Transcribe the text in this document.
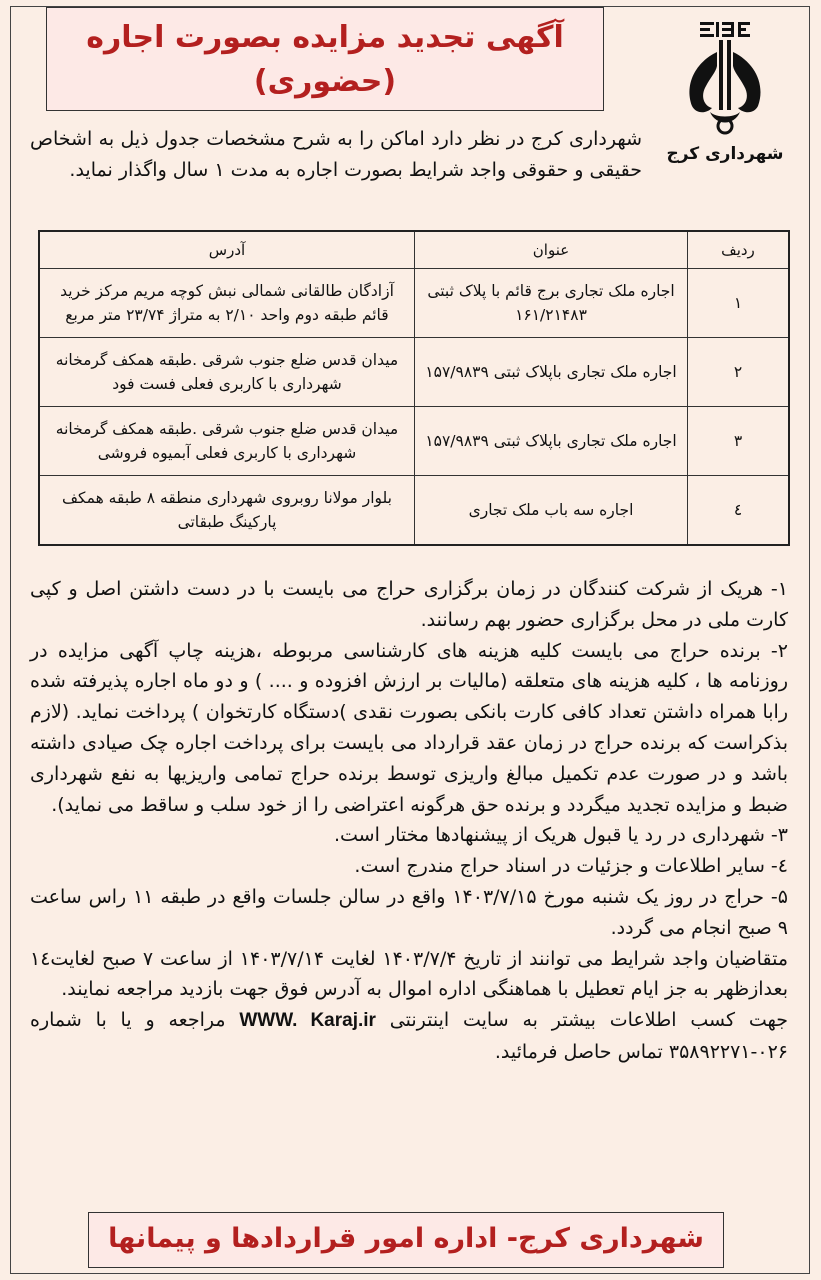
آگهی تجدید مزایده بصورت اجاره
(حضوری)
شهرداری کرج
شهرداری کرج در نظر دارد اماکن را به شرح مشخصات جدول ذیل به اشخاص حقیقی و حقوقی واجد شرایط بصورت اجاره به مدت ۱ سال واگذار نماید.
ردیف	عنوان	آدرس
۱	اجاره ملک تجاری برج قائم با پلاک ثبتی ۱۶۱/۲۱۴۸۳	آزادگان طالقانی شمالی نبش کوچه مریم مرکز خرید قائم طبقه دوم واحد ۲/۱۰ به متراژ ۲۳/۷۴ متر مربع
۲	اجاره ملک تجاری باپلاک ثبتی ۱۵۷/۹۸۳۹	میدان قدس ضلع جنوب شرقی .طبقه همکف گرمخانه شهرداری با کاربری فعلی فست فود
۳	اجاره ملک تجاری باپلاک ثبتی ۱۵۷/۹۸۳۹	میدان قدس ضلع جنوب شرقی .طبقه همکف گرمخانه شهرداری با کاربری فعلی آبمیوه فروشی
٤	اجاره سه باب ملک تجاری	بلوار مولانا روبروی شهرداری منطقه ۸ طبقه همکف پارکینگ طبقاتی

۱- هریک از شرکت کنندگان در زمان برگزاری حراج می بایست با در دست داشتن اصل و کپی کارت ملی در محل برگزاری حضور بهم رسانند.

۲- برنده حراج می بایست کلیه هزینه های کارشناسی مربوطه ،هزینه چاپ آگهی مزایده در روزنامه ها ، کلیه هزینه های متعلقه (مالیات بر ارزش افزوده و .... ) و دو ماه اجاره پذیرفته شده رابا همراه داشتن تعداد کافی کارت بانکی بصورت نقدی )دستگاه کارتخوان ) پرداخت نماید. (لازم بذکراست که برنده حراج در زمان عقد قرارداد می بایست برای پرداخت اجاره چک صیادی داشته باشد و در صورت عدم تکمیل مبالغ واریزی توسط برنده حراج تمامی واریزیها به نفع شهرداری ضبط و مزایده تجدید میگردد و برنده حق هرگونه اعتراضی را از خود سلب و ساقط می نماید).

۳- شهرداری در رد یا قبول هریک از پیشنهادها مختار است.

٤- سایر اطلاعات و جزئیات در اسناد حراج مندرج است.

۵- حراج در روز یک شنبه مورخ ۱۴۰۳/۷/۱۵ واقع در سالن جلسات واقع در طبقه ۱۱ راس ساعت ۹ صبح انجام می گردد.

متقاضیان واجد شرایط می توانند از تاریخ ۱۴۰۳/۷/۴ لغایت ۱۴۰۳/۷/۱۴ از ساعت ۷ صبح لغایت۱٤ بعدازظهر به جز ایام تعطیل با هماهنگی اداره اموال به آدرس فوق جهت بازدید مراجعه نمایند.

جهت کسب اطلاعات بیشتر به سایت اینترنتی WWW. Karaj.ir مراجعه و یا با شماره ۰۲۶-۳۵۸۹۲۲۷۱ تماس حاصل فرمائید.

شهرداری کرج- اداره امور قراردادها و پیمانها
